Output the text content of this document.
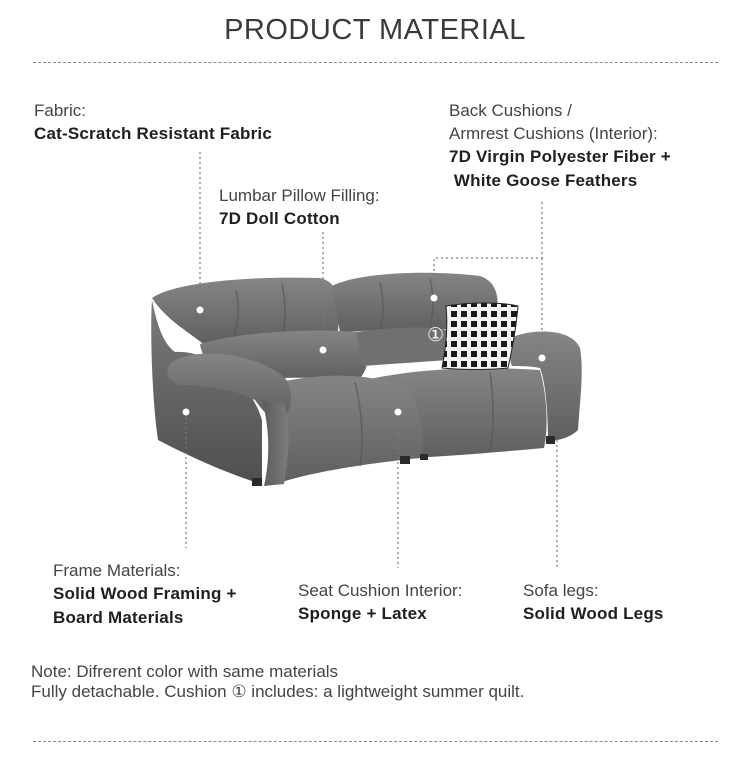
PRODUCT MATERIAL
①
Fabric:
Cat-Scratch Resistant Fabric
Back Cushions /
Armrest Cushions (Interior):
7D Virgin Polyester Fiber +
White Goose Feathers
Lumbar Pillow Filling:
7D Doll Cotton
Frame Materials:
Solid Wood Framing +
Board Materials
Seat Cushion Interior:
Sponge + Latex
Sofa legs:
Solid Wood Legs
Note: Difrerent color with same materials
Fully detachable. Cushion ① includes: a lightweight summer quilt.
